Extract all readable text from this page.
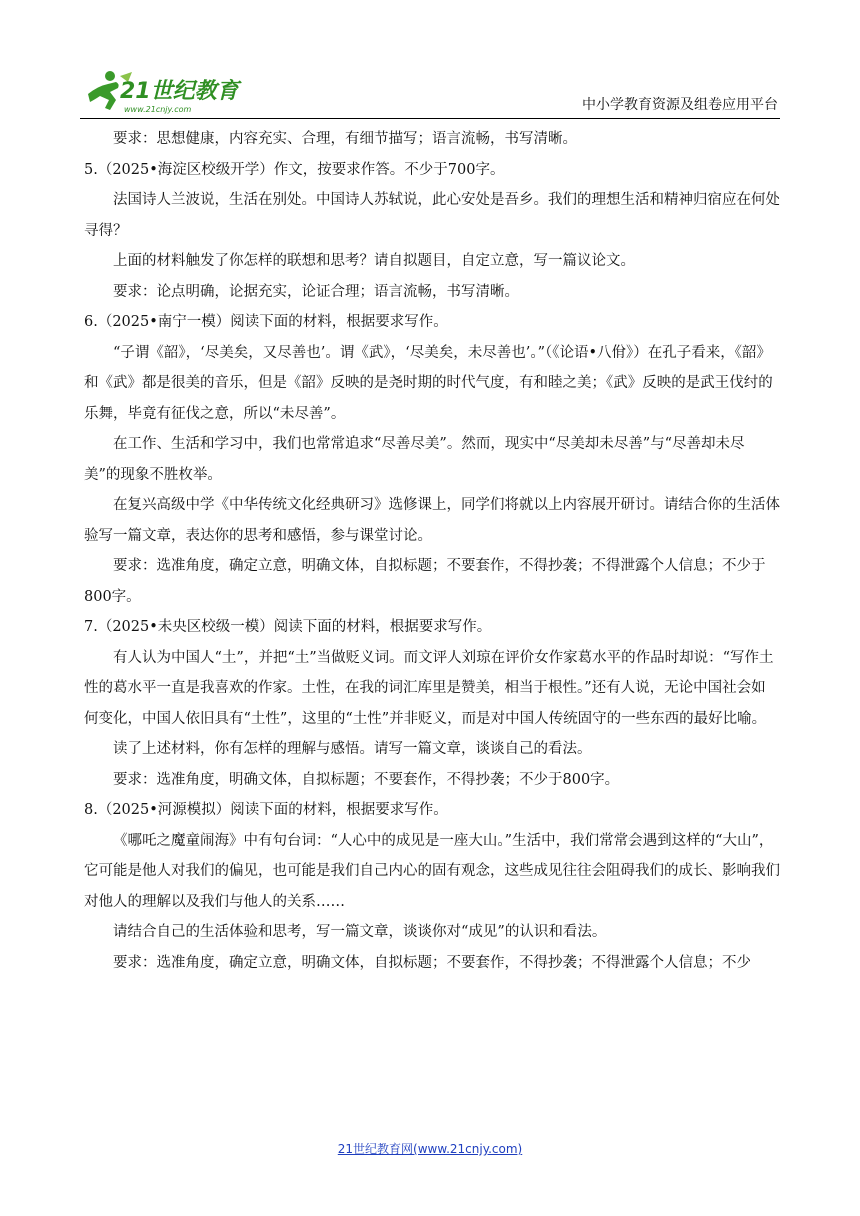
21世纪教育
www.21cnjy.com	中小学教育资源及组卷应用平台

要求：思想健康，内容充实、合理，有细节描写；语言流畅，书写清晰。

5.（2025•海淀区校级开学）作文，按要求作答。不少于700字。

法国诗人兰波说，生活在别处。中国诗人苏轼说，此心安处是吾乡。我们的理想生活和精神归宿应在何处寻得？

上面的材料触发了你怎样的联想和思考？请自拟题目，自定立意，写一篇议论文。

要求：论点明确，论据充实，论证合理；语言流畅，书写清晰。

6.（2025•南宁一模）阅读下面的材料，根据要求写作。

“子谓《韶》，‘尽美矣，又尽善也’。谓《武》，‘尽美矣，未尽善也’。”（《论语•八佾》）在孔子看来，《韶》和《武》都是很美的音乐，但是《韶》反映的是尧时期的时代气度，有和睦之美；《武》反映的是武王伐纣的乐舞，毕竟有征伐之意，所以“未尽善”。

在工作、生活和学习中，我们也常常追求“尽善尽美”。然而，现实中“尽美却未尽善”与“尽善却未尽美”的现象不胜枚举。

在复兴高级中学《中华传统文化经典研习》选修课上，同学们将就以上内容展开研讨。请结合你的生活体验写一篇文章，表达你的思考和感悟，参与课堂讨论。

要求：选准角度，确定立意，明确文体，自拟标题；不要套作，不得抄袭；不得泄露个人信息；不少于800字。

7.（2025•未央区校级一模）阅读下面的材料，根据要求写作。

有人认为中国人“土”，并把“土”当做贬义词。而文评人刘琼在评价女作家葛水平的作品时却说：“写作土性的葛水平一直是我喜欢的作家。土性，在我的词汇库里是赞美，相当于根性。”还有人说，无论中国社会如何变化，中国人依旧具有“土性”，这里的“土性”并非贬义，而是对中国人传统固守的一些东西的最好比喻。

读了上述材料，你有怎样的理解与感悟。请写一篇文章，谈谈自己的看法。

要求：选准角度，明确文体，自拟标题；不要套作，不得抄袭；不少于800字。

8.（2025•河源模拟）阅读下面的材料，根据要求写作。

《哪吒之魔童闹海》中有句台词：“人心中的成见是一座大山。”生活中，我们常常会遇到这样的“大山”，它可能是他人对我们的偏见，也可能是我们自己内心的固有观念，这些成见往往会阻碍我们的成长、影响我们对他人的理解以及我们与他人的关系……

请结合自己的生活体验和思考，写一篇文章，谈谈你对“成见”的认识和看法。

要求：选准角度，确定立意，明确文体，自拟标题；不要套作，不得抄袭；不得泄露个人信息；不少

21世纪教育网(www.21cnjy.com)
